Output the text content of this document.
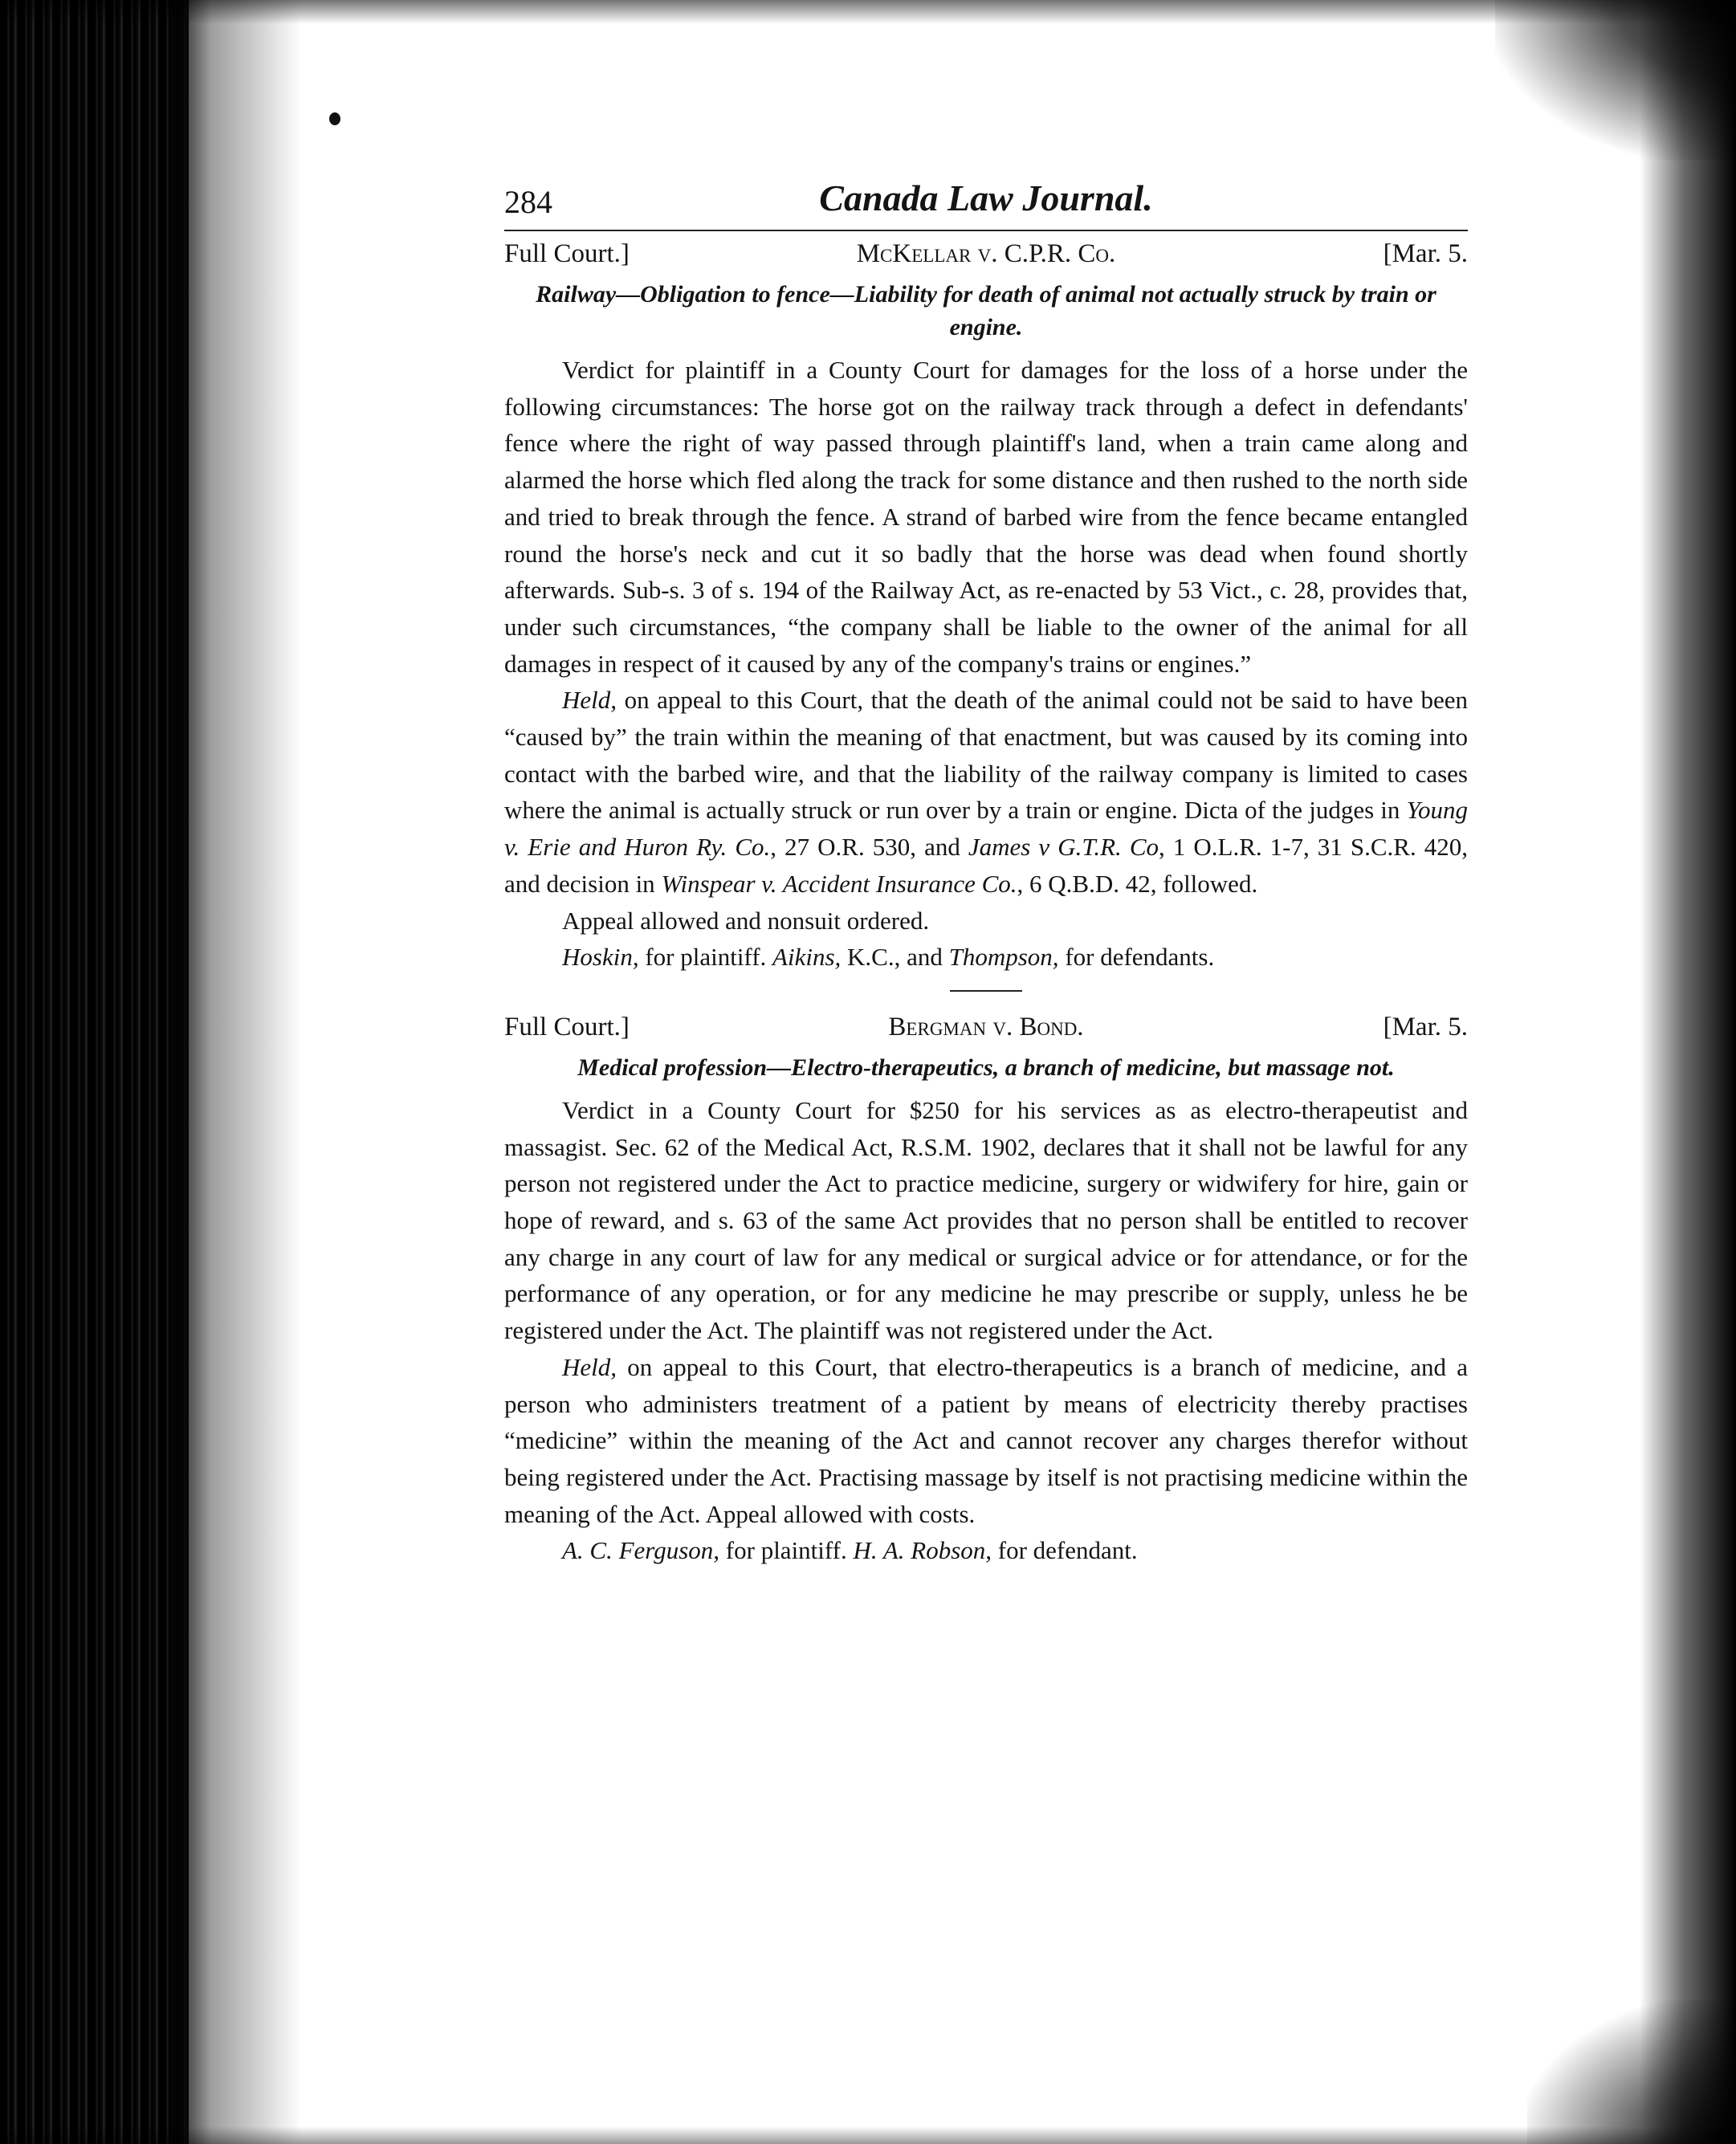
284	Canada Law Journal.
Full Court.]	McKellar v. C.P.R. Co.	[Mar. 5.
Railway—Obligation to fence—Liability for death of animal not actually struck by train or engine.

Verdict for plaintiff in a County Court for damages for the loss of a horse under the following circumstances: The horse got on the railway track through a defect in defendants' fence where the right of way passed through plaintiff's land, when a train came along and alarmed the horse which fled along the track for some distance and then rushed to the north side and tried to break through the fence. A strand of barbed wire from the fence became entangled round the horse's neck and cut it so badly that the horse was dead when found shortly afterwards. Sub-s. 3 of s. 194 of the Railway Act, as re-enacted by 53 Vict., c. 28, provides that, under such circumstances, “the company shall be liable to the owner of the animal for all damages in respect of it caused by any of the company's trains or engines.”

Held, on appeal to this Court, that the death of the animal could not be said to have been “caused by” the train within the meaning of that enactment, but was caused by its coming into contact with the barbed wire, and that the liability of the railway company is limited to cases where the animal is actually struck or run over by a train or engine. Dicta of the judges in Young v. Erie and Huron Ry. Co., 27 O.R. 530, and James v G.T.R. Co, 1 O.L.R. 1-7, 31 S.C.R. 420, and decision in Winspear v. Accident Insurance Co., 6 Q.B.D. 42, followed.

Appeal allowed and nonsuit ordered.

Hoskin, for plaintiff. Aikins, K.C., and Thompson, for defendants.

Full Court.]	Bergman v. Bond.	[Mar. 5.
Medical profession—Electro-therapeutics, a branch of medicine, but massage not.

Verdict in a County Court for $250 for his services as as electro-therapeutist and massagist. Sec. 62 of the Medical Act, R.S.M. 1902, declares that it shall not be lawful for any person not registered under the Act to practice medicine, surgery or widwifery for hire, gain or hope of reward, and s. 63 of the same Act provides that no person shall be entitled to recover any charge in any court of law for any medical or surgical advice or for attendance, or for the performance of any operation, or for any medicine he may prescribe or supply, unless he be registered under the Act. The plaintiff was not registered under the Act.

Held, on appeal to this Court, that electro-therapeutics is a branch of medicine, and a person who administers treatment of a patient by means of electricity thereby practises “medicine” within the meaning of the Act and cannot recover any charges therefor without being registered under the Act. Practising massage by itself is not practising medicine within the meaning of the Act. Appeal allowed with costs.

A. C. Ferguson, for plaintiff. H. A. Robson, for defendant.
